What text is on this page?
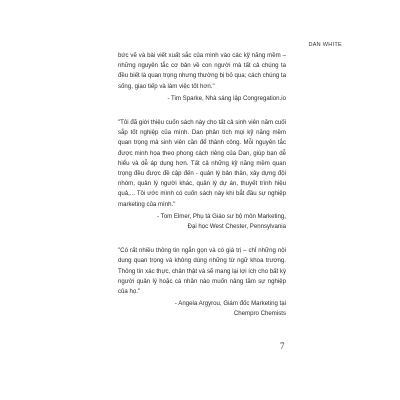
DAN WHITE

bức vẽ và bài viết xuất sắc của mình vào các kỹ năng mềm – những nguyên tắc cơ bản về con người mà tất cả chúng ta đều biết là quan trọng nhưng thường bị bỏ qua; cách chúng ta sống, giao tiếp và làm việc tốt hơn."

- Tim Sparke, Nhà sáng lập Congregation.io

"Tôi đã giới thiệu cuốn sách này cho tất cả sinh viên năm cuối sắp tốt nghiệp của mình. Dan phân tích mọi kỹ năng mềm quan trọng mà sinh viên cần để thành công. Mỗi nguyên tắc được minh họa theo phong cách riêng của Dan, giúp bạn dễ hiểu và dễ áp dụng hơn. Tất cả những kỹ năng mềm quan trọng đều được đề cập đến - quản lý bản thân, xây dựng đội nhóm, quản lý người khác, quản lý dự án, thuyết trình hiệu quả,... Tôi ước mình có cuốn sách này khi bắt đầu sự nghiệp marketing của mình."

- Tom Elmer, Phụ tá Giáo sư bộ môn Marketing,

Đại học West Chester, Pennsylvania

"Có rất nhiều thông tin ngắn gọn và có giá trị – chỉ những nội dung quan trọng và không dùng những từ ngữ khoa trương. Thông tin xác thực, chân thật và sẽ mang lại lợi ích cho bất kỳ người quản lý hoặc cá nhân nào muốn nâng tầm sự nghiệp của họ."

- Angela Argyrou, Giám đốc Marketing tại

Chempro Chemists

7
